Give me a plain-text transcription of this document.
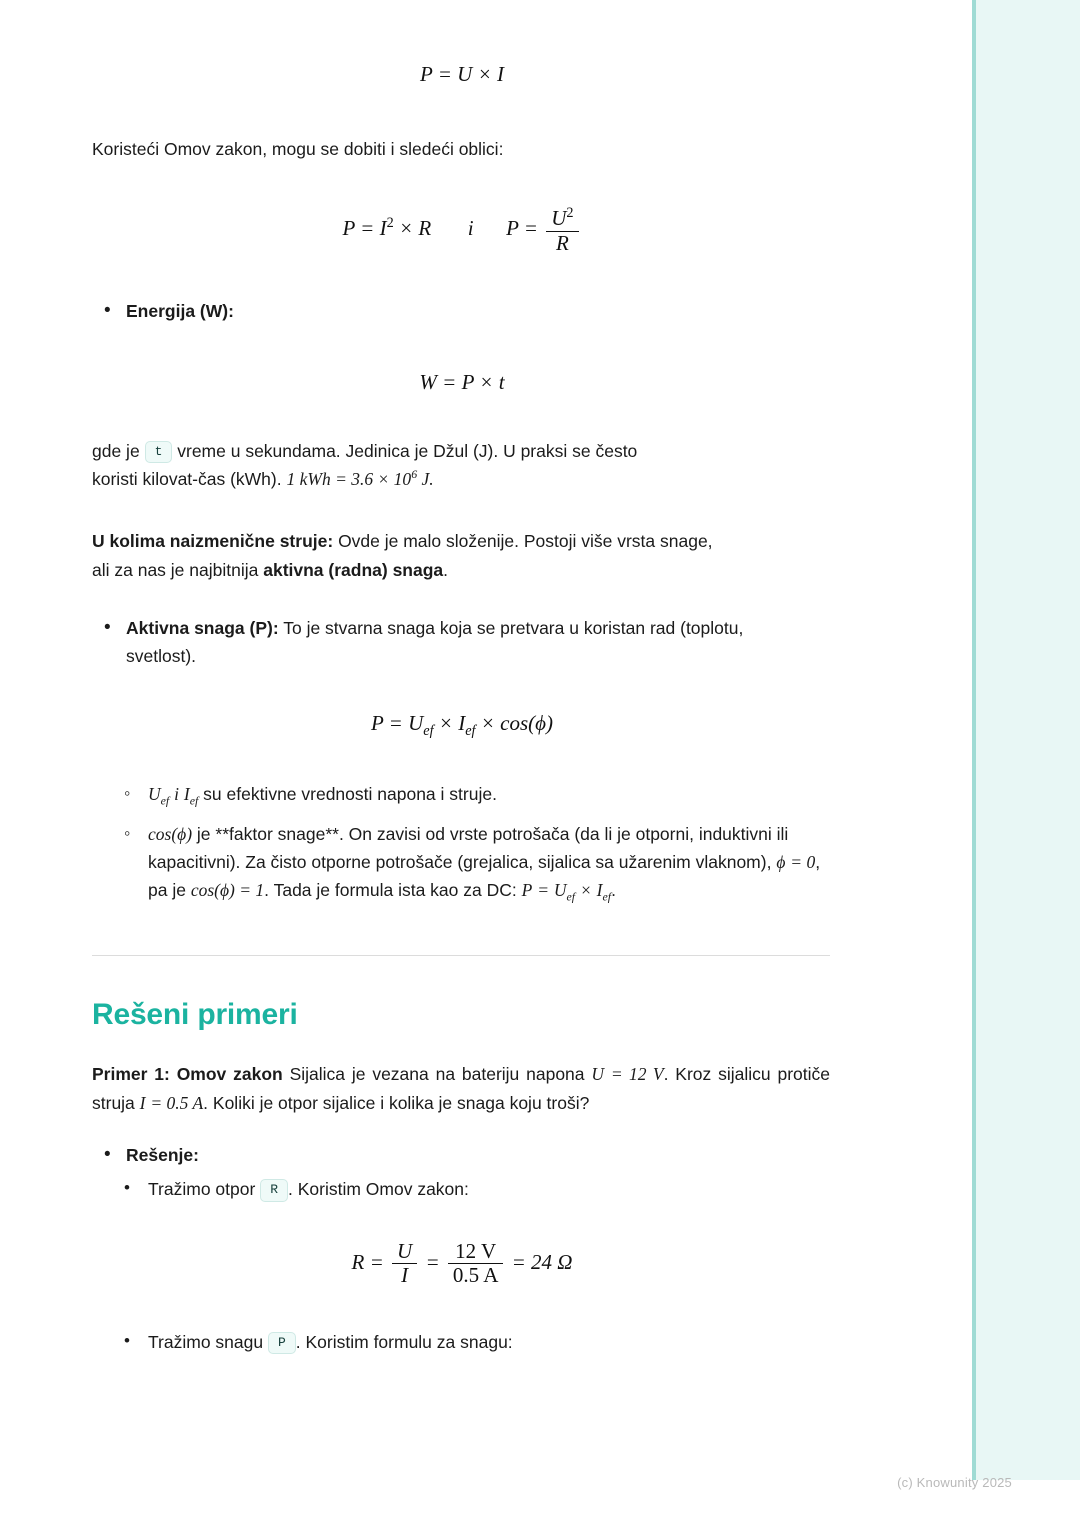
P = U × I

Koristeći Omov zakon, mogu se dobiti i sledeći oblici:

$P = I^2 \times R$ i $P = \frac{U^2}{R}$
• Energija (W):
W = P × t

gde je t vreme u sekundama. Jedinica je Džul (J). U praksi se često
koristi kilovat-čas (kWh). 1 kWh = $3.6 \times 10^6$ J.

U kolima naizmenične struje: Ovde je malo složenije. Postoji više vrsta snage,
ali za nas je najbitnija aktivna (radna) snaga.

• Aktivna snaga (P): To je stvarna snaga koja se pretvara u koristan rad (toplotu, svetlost).
$P = U_{ef} \times I_{ef} \times \cos(\phi)$
◦ $U_{ef}$ i $I_{ef}$ su efektivne vrednosti napona i struje.
◦ cos(ϕ) je **faktor snage**. On zavisi od vrste potrošača (da li je otporni, induktivni ili kapacitivni). Za čisto otporne potrošače (grejalica, sijalica sa užarenim vlaknom), ϕ = 0, pa je cos(ϕ) = 1. Tada je formula ista kao za DC: $P = U_{ef} \times I_{ef}$.
Rešeni primeri

Primer 1: Omov zakon Sijalica je vezana na bateriju napona U = 12 V. Kroz sijalicu protiče struja I = 0.5 A. Koliki je otpor sijalice i kolika je snaga koju troši?

• Rešenje:
• Tražimo otpor R . Koristim Omov zakon:
$R = \frac{U}{I} = \frac{12 V}{0.5 A} = 24$ Ω
• Tražimo snagu P . Koristim formulu za snagu:
(c) Knowunity 2025
